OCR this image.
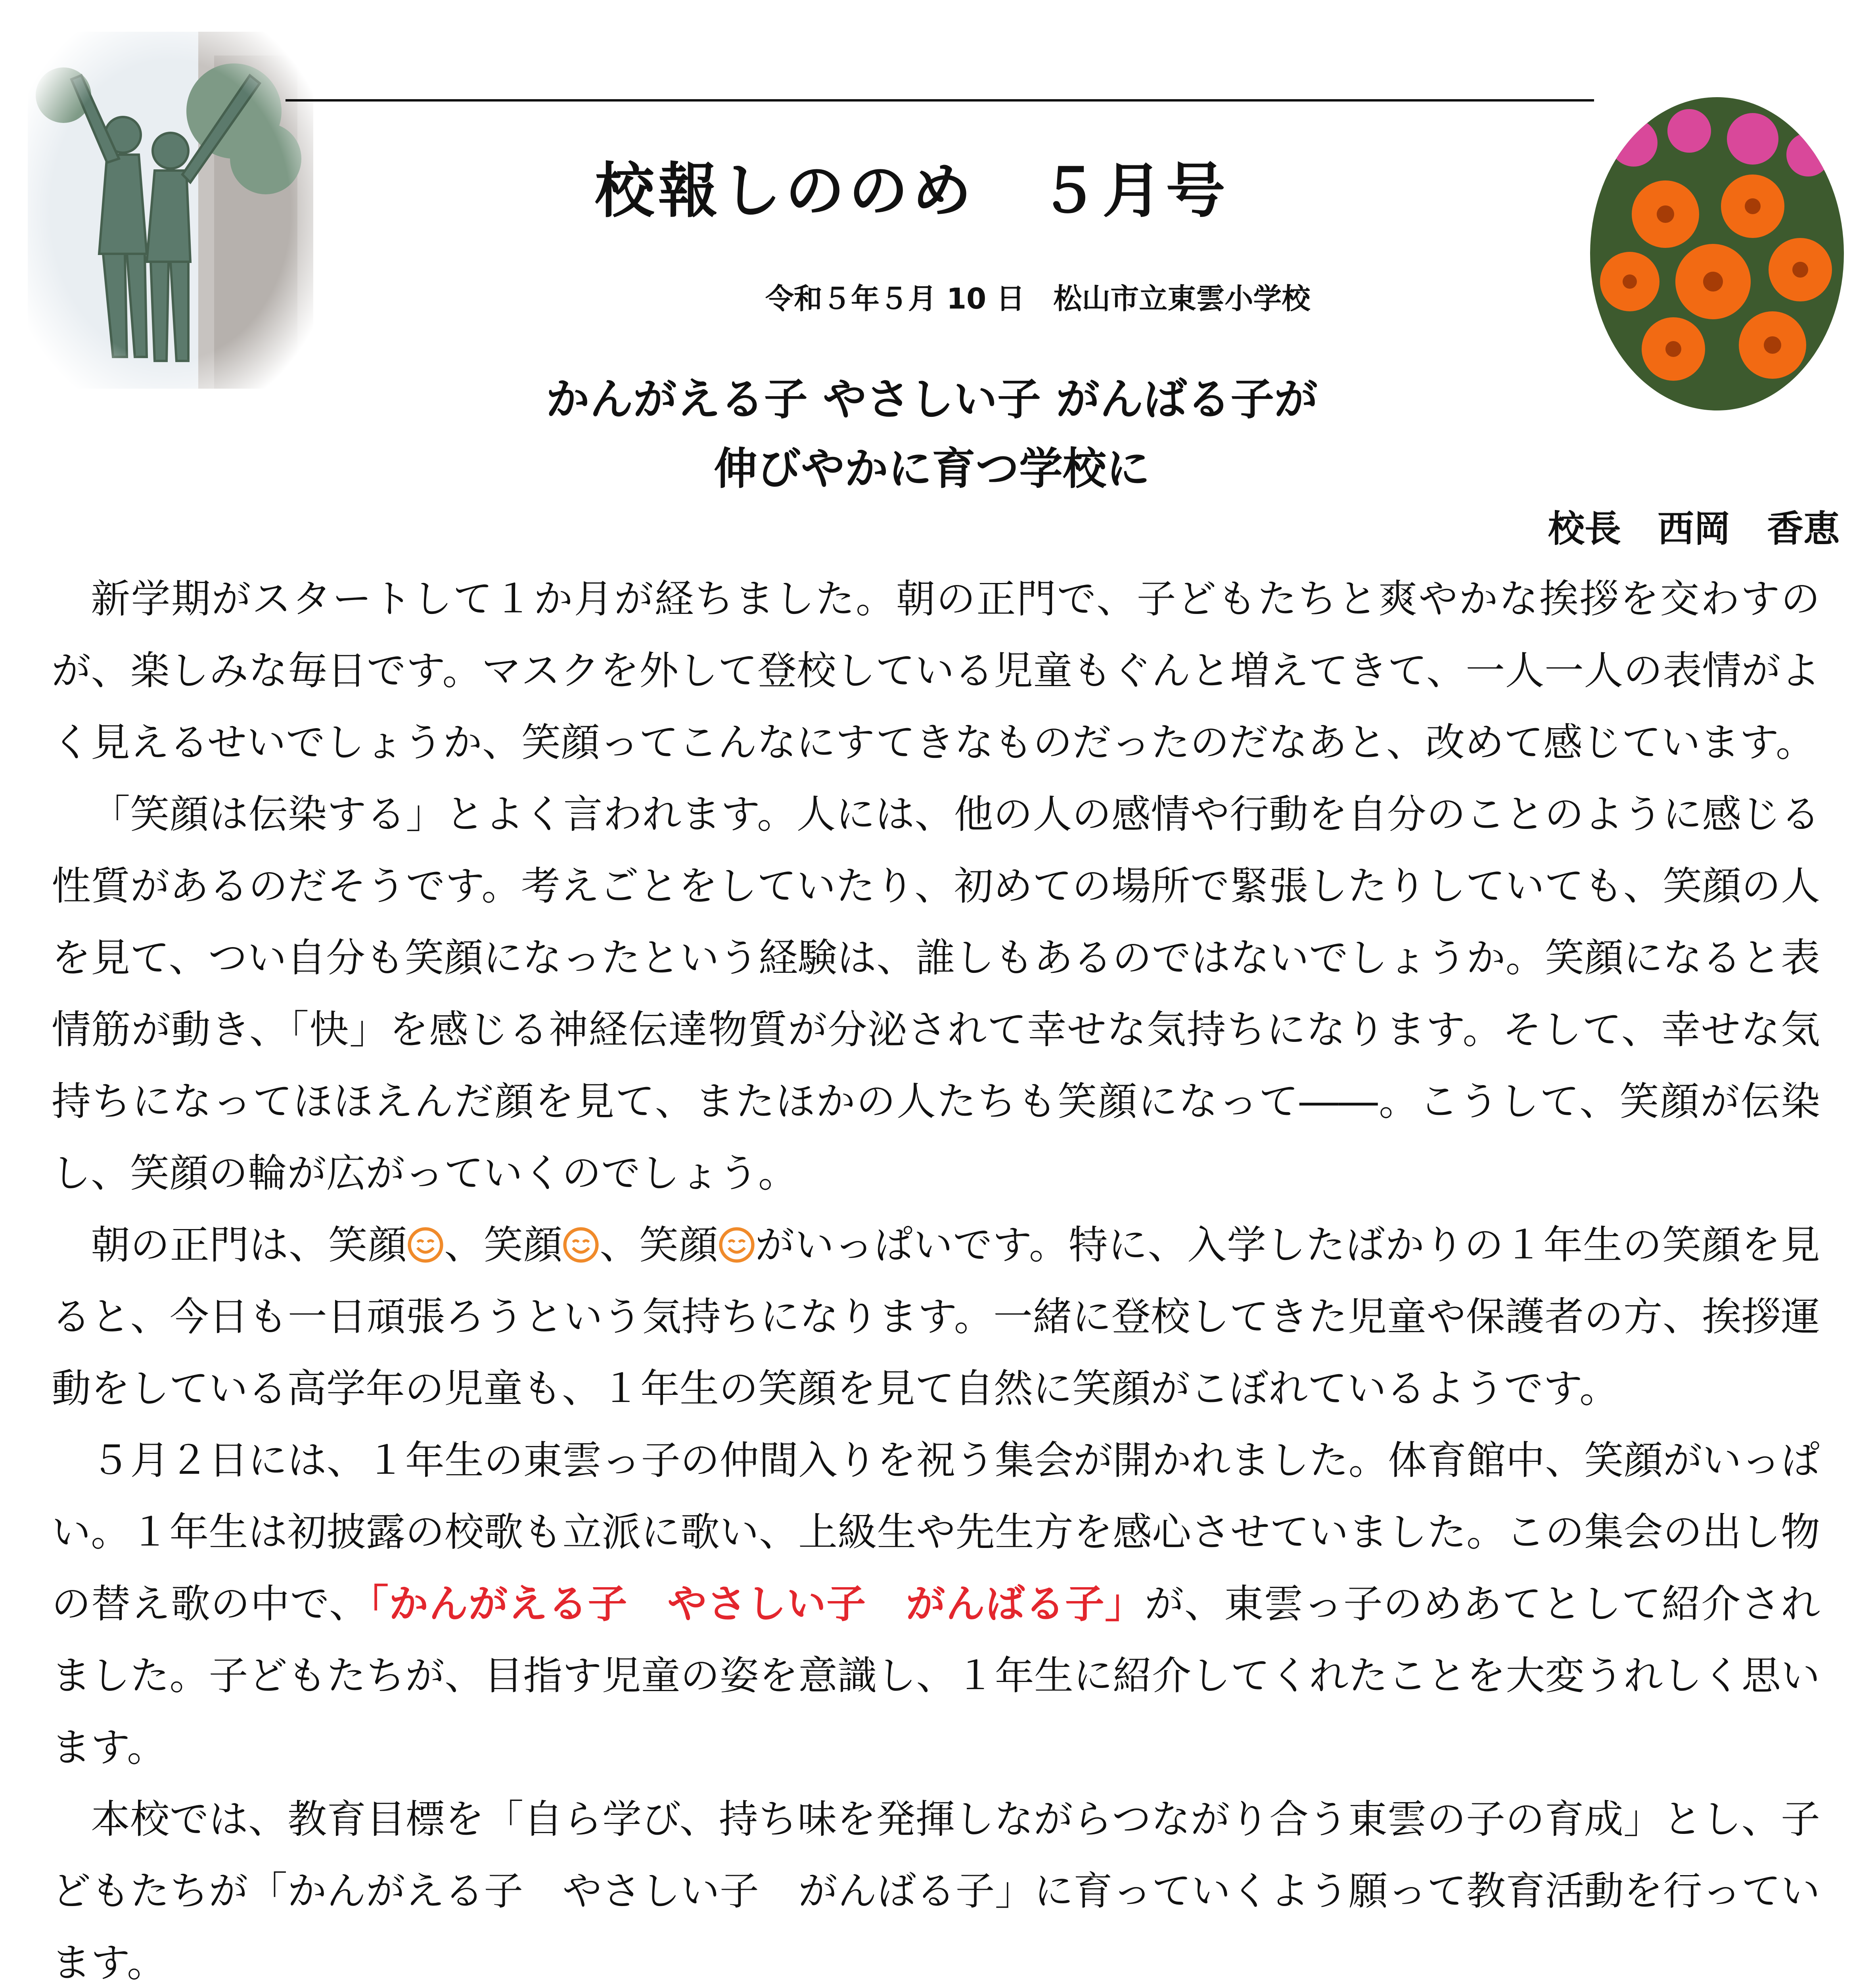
校報しののめ　５月号
令和５年５月 10 日　松山市立東雲小学校
かんがえる子 やさしい子 がんばる子が
伸びやかに育つ学校に
校長　西岡　香恵

新学期がスタートして１か月が経ちました。朝の正門で、子どもたちと爽やかな挨拶を交わすのが、楽しみな毎日です。マスクを外して登校している児童もぐんと増えてきて、一人一人の表情がよく見えるせいでしょうか、笑顔ってこんなにすてきなものだったのだなあと、改めて感じています。

「笑顔は伝染する」とよく言われます。人には、他の人の感情や行動を自分のことのように感じる性質があるのだそうです。考えごとをしていたり、初めての場所で緊張したりしていても、笑顔の人を見て、つい自分も笑顔になったという経験は、誰しもあるのではないでしょうか。笑顔になると表情筋が動き、「快」を感じる神経伝達物質が分泌されて幸せな気持ちになります。そして、幸せな気持ちになってほほえんだ顔を見て、またほかの人たちも笑顔になって――。こうして、笑顔が伝染し、笑顔の輪が広がっていくのでしょう。

朝の正門は、笑顔 、笑顔 、笑顔 がいっぱいです。特に、入学したばかりの１年生の笑顔を見ると、今日も一日頑張ろうという気持ちになります。一緒に登校してきた児童や保護者の方、挨拶運動をしている高学年の児童も、１年生の笑顔を見て自然に笑顔がこぼれているようです。

５月２日には、１年生の東雲っ子の仲間入りを祝う集会が開かれました。体育館中、笑顔がいっぱい。１年生は初披露の校歌も立派に歌い、上級生や先生方を感心させていました。この集会の出し物の替え歌の中で、「かんがえる子　やさしい子　がんばる子」が、東雲っ子のめあてとして紹介されました。子どもたちが、目指す児童の姿を意識し、１年生に紹介してくれたことを大変うれしく思います。

本校では、教育目標を「自ら学び、持ち味を発揮しながらつながり合う東雲の子の育成」とし、子どもたちが「かんがえる子　やさしい子　がんばる子」に育っていくよう願って教育活動を行っています。
